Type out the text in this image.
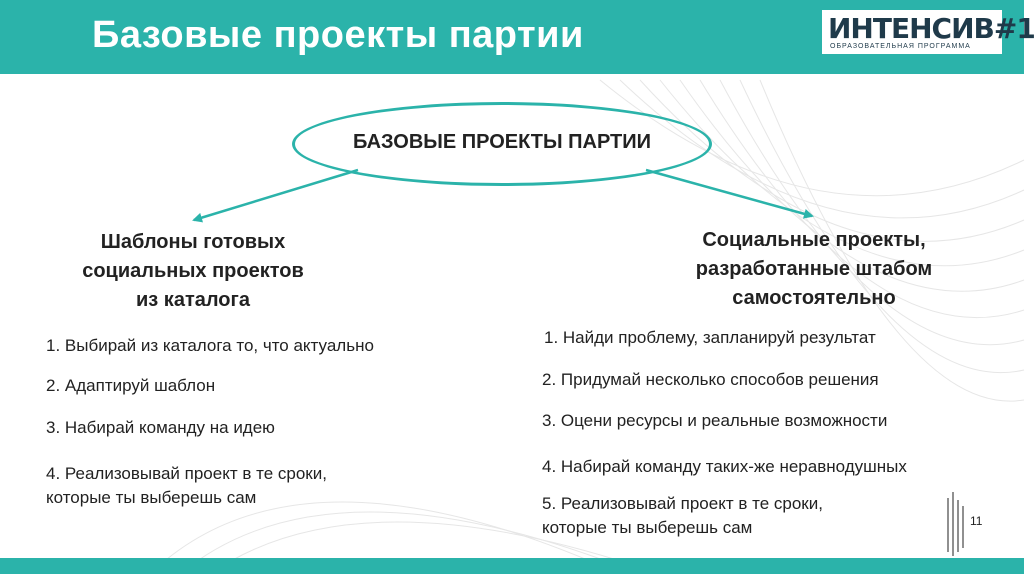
Базовые проекты партии	ИНТЕНСИВ#1
ОБРАЗОВАТЕЛЬНАЯ ПРОГРАММА
БАЗОВЫЕ ПРОЕКТЫ ПАРТИИ
Шаблоны готовых
социальных проектов
из каталога
Социальные проекты,
разработанные штабом
самостоятельно
1. Выбирай из каталога то, что актуально
2. Адаптируй шаблон
3. Набирай команду на идею
4. Реализовывай проект в те сроки,
которые ты выберешь сам
1. Найди проблему, запланируй результат
2. Придумай несколько способов решения
3. Оцени ресурсы и реальные возможности
4. Набирай команду таких-же неравнодушных
5. Реализовывай проект в те сроки,
которые ты выберешь сам	11
